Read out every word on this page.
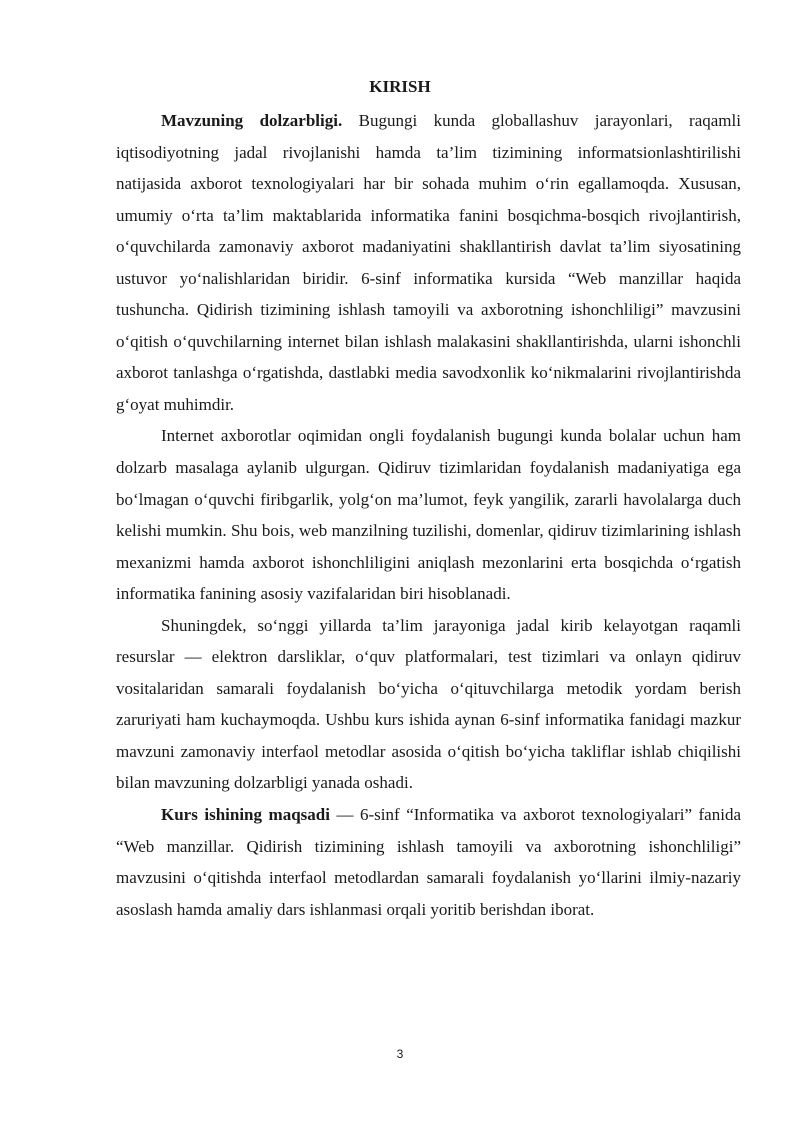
KIRISH

Mavzuning dolzarbligi. Bugungi kunda globallashuv jarayonlari, raqamli iqtisodiyotning jadal rivojlanishi hamda ta’lim tizimining informatsionlashtirilishi natijasida axborot texnologiyalari har bir sohada muhim o‘rin egallamoqda. Xususan, umumiy o‘rta ta’lim maktablarida informatika fanini bosqichma-bosqich rivojlantirish, o‘quvchilarda zamonaviy axborot madaniyatini shakllantirish davlat ta’lim siyosatining ustuvor yo‘nalishlaridan biridir. 6-sinf informatika kursida “Web manzillar haqida tushuncha. Qidirish tizimining ishlash tamoyili va axborotning ishonchliligi” mavzusini o‘qitish o‘quvchilarning internet bilan ishlash malakasini shakllantirishda, ularni ishonchli axborot tanlashga o‘rgatishda, dastlabki media savodxonlik ko‘nikmalarini rivojlantirishda g‘oyat muhimdir.

Internet axborotlar oqimidan ongli foydalanish bugungi kunda bolalar uchun ham dolzarb masalaga aylanib ulgurgan. Qidiruv tizimlaridan foydalanish madaniyatiga ega bo‘lmagan o‘quvchi firibgarlik, yolg‘on ma’lumot, feyk yangilik, zararli havolalarga duch kelishi mumkin. Shu bois, web manzilning tuzilishi, domenlar, qidiruv tizimlarining ishlash mexanizmi hamda axborot ishonchliligini aniqlash mezonlarini erta bosqichda o‘rgatish informatika fanining asosiy vazifalaridan biri hisoblanadi.

Shuningdek, so‘nggi yillarda ta’lim jarayoniga jadal kirib kelayotgan raqamli resurslar — elektron darsliklar, o‘quv platformalari, test tizimlari va onlayn qidiruv vositalaridan samarali foydalanish bo‘yicha o‘qituvchilarga metodik yordam berish zaruriyati ham kuchaymoqda. Ushbu kurs ishida aynan 6-sinf informatika fanidagi mazkur mavzuni zamonaviy interfaol metodlar asosida o‘qitish bo‘yicha takliflar ishlab chiqilishi bilan mavzuning dolzarbligi yanada oshadi.

Kurs ishining maqsadi — 6-sinf “Informatika va axborot texnologiyalari” fanida “Web manzillar. Qidirish tizimining ishlash tamoyili va axborotning ishonchliligi” mavzusini o‘qitishda interfaol metodlardan samarali foydalanish yo‘llarini ilmiy-nazariy asoslash hamda amaliy dars ishlanmasi orqali yoritib berishdan iborat.

3
